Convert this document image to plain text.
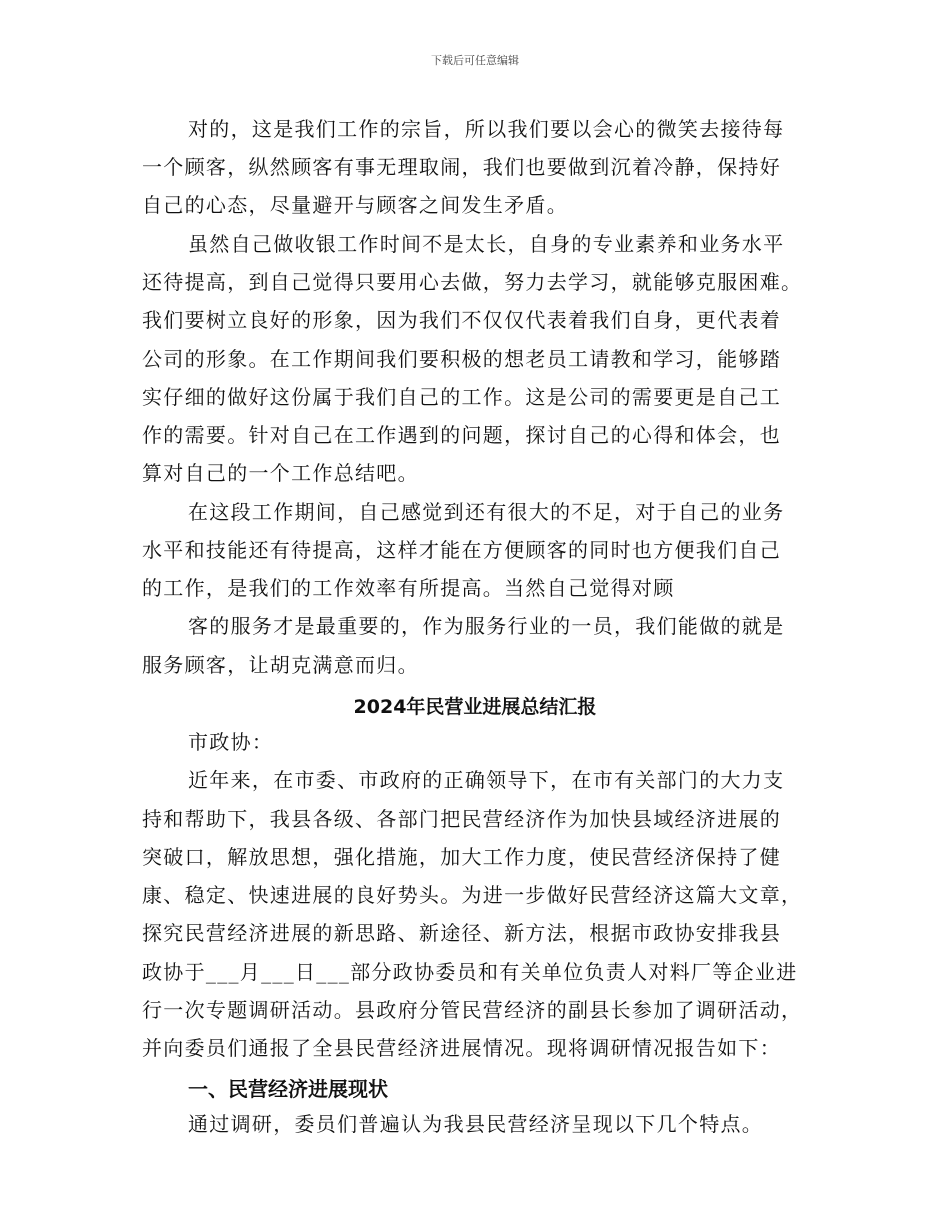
下载后可任意编辑
对的，这是我们工作的宗旨，所以我们要以会心的微笑去接待每
一个顾客，纵然顾客有事无理取闹，我们也要做到沉着冷静，保持好
自己的心态，尽量避开与顾客之间发生矛盾。
虽然自己做收银工作时间不是太长，自身的专业素养和业务水平
还待提高，到自己觉得只要用心去做，努力去学习，就能够克服困难。
我们要树立良好的形象，因为我们不仅仅代表着我们自身，更代表着
公司的形象。在工作期间我们要积极的想老员工请教和学习，能够踏
实仔细的做好这份属于我们自己的工作。这是公司的需要更是自己工
作的需要。针对自己在工作遇到的问题，探讨自己的心得和体会，也
算对自己的一个工作总结吧。
在这段工作期间，自己感觉到还有很大的不足，对于自己的业务
水平和技能还有待提高，这样才能在方便顾客的同时也方便我们自己
的工作，是我们的工作效率有所提高。当然自己觉得对顾
客的服务才是最重要的，作为服务行业的一员，我们能做的就是
服务顾客，让胡克满意而归。
2024年民营业进展总结汇报
市政协：
近年来，在市委、市政府的正确领导下，在市有关部门的大力支
持和帮助下，我县各级、各部门把民营经济作为加快县域经济进展的
突破口，解放思想，强化措施，加大工作力度，使民营经济保持了健
康、稳定、快速进展的良好势头。为进一步做好民营经济这篇大文章，
探究民营经济进展的新思路、新途径、新方法，根据市政协安排我县
政协于___月___日___部分政协委员和有关单位负责人对料厂等企业进
行一次专题调研活动。县政府分管民营经济的副县长参加了调研活动，
并向委员们通报了全县民营经济进展情况。现将调研情况报告如下：
一、民营经济进展现状
通过调研，委员们普遍认为我县民营经济呈现以下几个特点。
